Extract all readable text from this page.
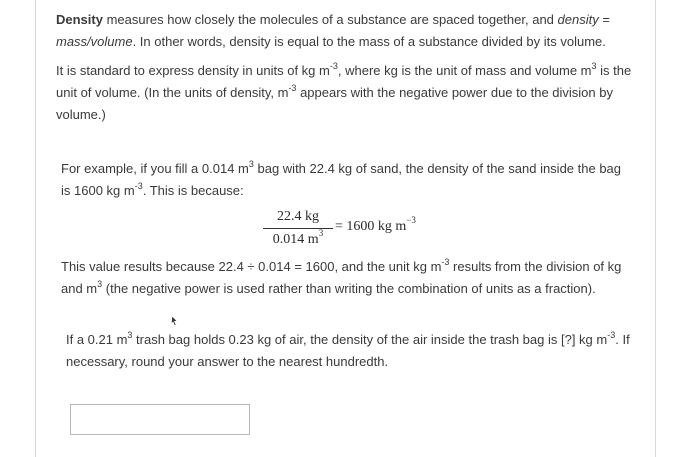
Density measures how closely the molecules of a substance are spaced together, and density = mass/volume. In other words, density is equal to the mass of a substance divided by its volume.

It is standard to express density in units of kg $m^{-3}$, where kg is the unit of mass and volume $m^3$ is the unit of volume. (In the units of density, $m^{-3}$ appears with the negative power due to the division by volume.)

For example, if you fill a 0.014 $m^3$ bag with 22.4 kg of sand, the density of the sand inside the bag is 1600 kg $m^{-3}$. This is because:

22.4 kg
0.014 $m^3 = 1600$ kg $m^{-3}$

This value results because 22.4 ÷ 0.014 = 1600, and the unit kg $m^{-3}$ results from the division of kg and $m^3$ (the negative power is used rather than writing the combination of units as a fraction).

If a 0.21 $m^3$ trash bag holds 0.23 kg of air, the density of the air inside the trash bag is [?] kg $m^{-3}$. If necessary, round your answer to the nearest hundredth.
